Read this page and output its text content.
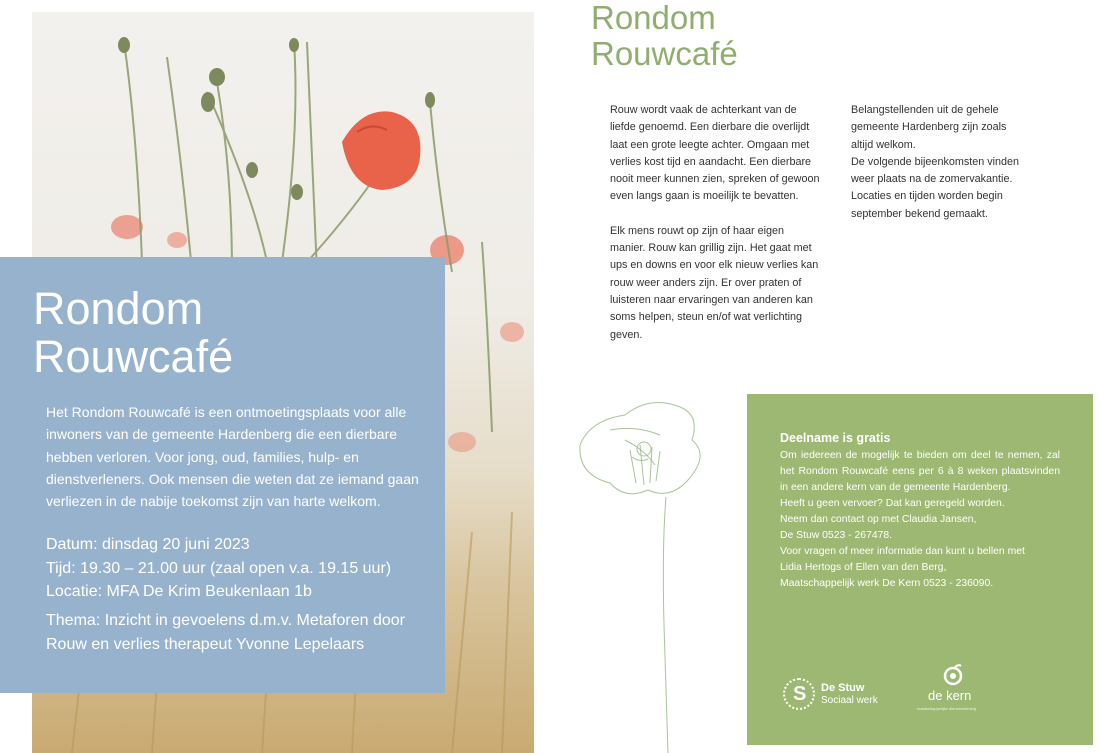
Rondom
Rouwcafé

Het Rondom Rouwcafé is een ontmoetingsplaats voor alle inwoners van de gemeente Hardenberg die een dierbare hebben verloren. Voor jong, oud, families, hulp- en dienstverleners. Ook mensen die weten dat ze iemand gaan verliezen in de nabije toekomst zijn van harte welkom.

Datum: dinsdag 20 juni 2023
Tijd: 19.30 – 21.00 uur (zaal open v.a. 19.15 uur)
Locatie: MFA De Krim Beukenlaan 1b

Thema: Inzicht in gevoelens d.m.v. Metaforen door Rouw en verlies therapeut Yvonne Lepelaars

Rondom
Rouwcafé

Rouw wordt vaak de achterkant van de liefde genoemd. Een dierbare die overlijdt laat een grote leegte achter. Omgaan met verlies kost tijd en aandacht. Een dierbare nooit meer kunnen zien, spreken of gewoon even langs gaan is moeilijk te bevatten.

Elk mens rouwt op zijn of haar eigen manier. Rouw kan grillig zijn. Het gaat met ups en downs en voor elk nieuw verlies kan rouw weer anders zijn. Er over praten of luisteren naar ervaringen van anderen kan soms helpen, steun en/of wat verlichting geven.

Belangstellenden uit de gehele gemeente Hardenberg zijn zoals altijd welkom.

De volgende bijeenkomsten vinden weer plaats na de zomervakantie. Locaties en tijden worden begin september bekend gemaakt.

Deelname is gratis

Om iedereen de mogelijk te bieden om deel te nemen, zal het Rondom Rouwcafé eens per 6 à 8 weken plaatsvinden in een andere kern van de gemeente Hardenberg.

Heeft u geen vervoer? Dat kan geregeld worden.

Neem dan contact op met Claudia Jansen,

De Stuw 0523 - 267478.

Voor vragen of meer informatie dan kunt u bellen met

Lidia Hertogs of Ellen van den Berg,

Maatschappelijk werk De Kern 0523 - 236090.

S De Stuw
Sociaal werk	de kern
maatschappelijke dienstverlening
